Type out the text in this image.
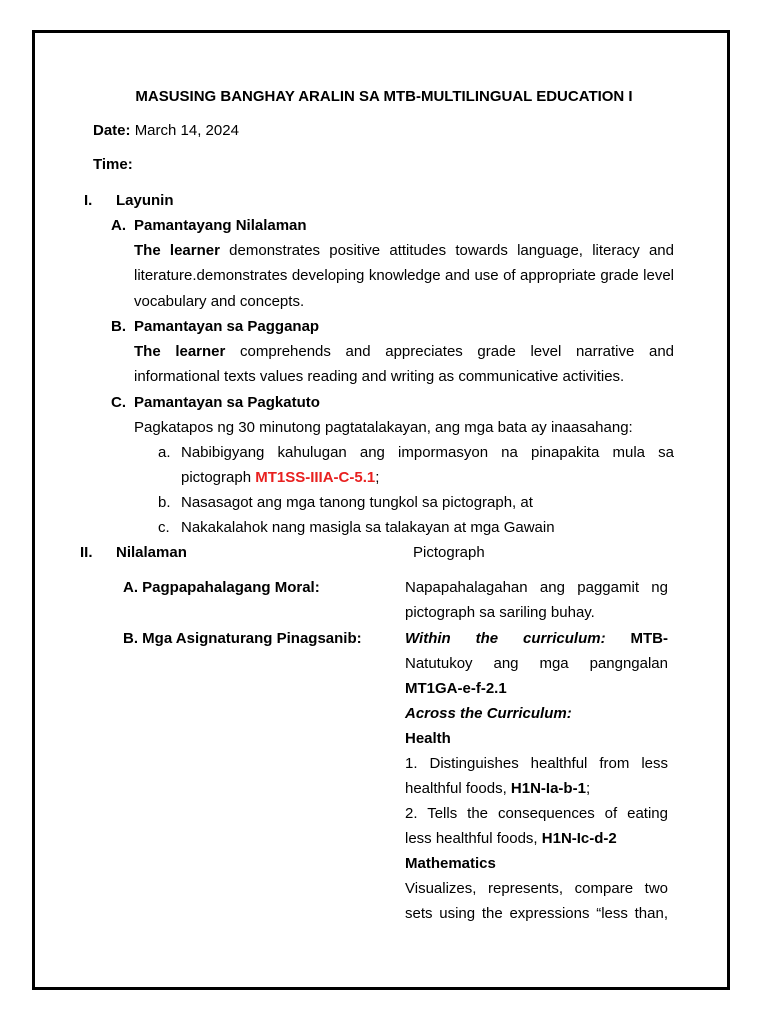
MASUSING BANGHAY ARALIN SA MTB-MULTILINGUAL EDUCATION I
Date: March 14, 2024
Time:
I. Layunin
A. Pamantayang Nilalaman
The learner demonstrates positive attitudes towards language, literacy and literature.demonstrates developing knowledge and use of appropriate grade level vocabulary and concepts.
B. Pamantayan sa Pagganap
The learner comprehends and appreciates grade level narrative and informational texts values reading and writing as communicative activities.
C. Pamantayan sa Pagkatuto
Pagkatapos ng 30 minutong pagtatalakayan, ang mga bata ay inaasahang:
a. Nabibigyang kahulugan ang impormasyon na pinapakita mula sa
pictograph MT1SS-IIIA-C-5.1;
b. Nasasagot ang mga tanong tungkol sa pictograph, at
c. Nakakalahok nang masigla sa talakayan at mga Gawain
II. Nilalaman	Pictograph
A. Pagpapahalagang Moral:	Napapahalagahan ang paggamit ng
pictograph sa sariling buhay.
B. Mga Asignaturang Pinagsanib:	Within the curriculum: MTB-
Natutukoy ang mga pangngalan
MT1GA-e-f-2.1
Across the Curriculum:
Health
1. Distinguishes healthful from less
healthful foods, H1N-Ia-b-1;
2. Tells the consequences of eating
less healthful foods, H1N-Ic-d-2
Mathematics
Visualizes, represents, compare two
sets using the expressions “less than,
